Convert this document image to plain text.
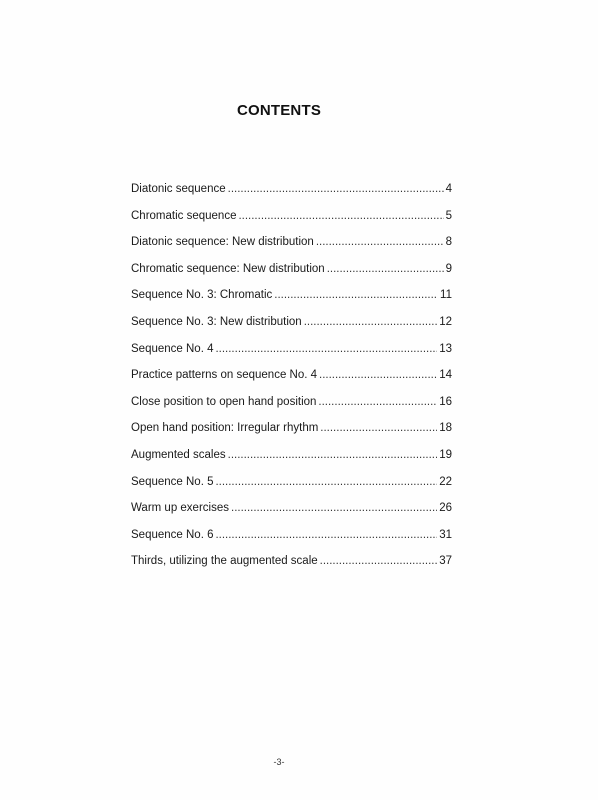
CONTENTS
Diatonic sequence . . .	4
Chromatic sequence . . .	5
Diatonic sequence: New distribution . . .	8
Chromatic sequence: New distribution . . .	9
Sequence No. 3: Chromatic . . .	11
Sequence No. 3: New distribution . . .	12
Sequence No. 4 . . .	13
Practice patterns on sequence No. 4 . . .	14
Close position to open hand position . . .	16
Open hand position: Irregular rhythm . . .	18
Augmented scales . . .	19
Sequence No. 5 . . .	22
Warm up exercises . . .	26
Sequence No. 6 . . .	31
Thirds, utilizing the augmented scale . . .	37
-3-
